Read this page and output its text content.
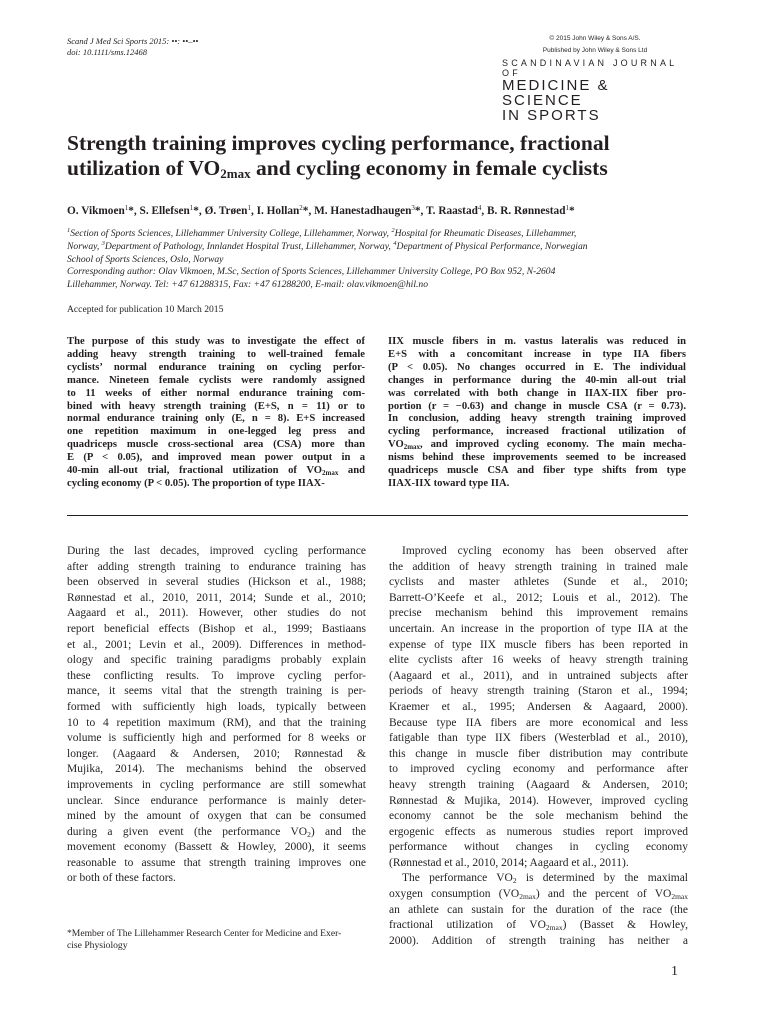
Scand J Med Sci Sports 2015: ••: ••–••
doi: 10.1111/sms.12468
© 2015 John Wiley & Sons A/S.
Published by John Wiley & Sons Ltd
SCANDINAVIAN JOURNAL OF
MEDICINE & SCIENCE
IN SPORTS
Strength training improves cycling performance, fractional
utilization of $VO_{2max}$ and cycling economy in female cyclists
O. Vikmoen$^1$*, S. Ellefsen$^1$*, Ø. Trøen$^1$, I. Hollan$^2$*, M. Hanestadhaugen$^3$*, T. Raastad$^4$, B. R. Rønnestad$^1$*
$^1$Section of Sports Sciences, Lillehammer University College, Lillehammer, Norway, $^2$Hospital for Rheumatic Diseases, Lillehammer,
Norway, $^3$Department of Pathology, Innlandet Hospital Trust, Lillehammer, Norway, $^4$Department of Physical Performance, Norwegian
School of Sports Sciences, Oslo, Norway
Corresponding author: Olav Vikmoen, M.Sc, Section of Sports Sciences, Lillehammer University College, PO Box 952, N-2604
Lillehammer, Norway. Tel: +47 61288315, Fax: +47 61288200, E-mail: olav.vikmoen@hil.no
Accepted for publication 10 March 2015
The purpose of this study was to investigate the effect of
adding heavy strength training to well-trained female
cyclists’ normal endurance training on cycling perfor-
mance. Nineteen female cyclists were randomly assigned
to 11 weeks of either normal endurance training com-
bined with heavy strength training (E+S, n = 11) or to
normal endurance training only (E, n = 8). E+S increased
one repetition maximum in one-legged leg press and
quadriceps muscle cross-sectional area (CSA) more than
E (P < 0.05), and improved mean power output in a
40-min all-out trial, fractional utilization of $VO_{2max}$ and
cycling economy (P < 0.05). The proportion of type IIAX-
IIX muscle fibers in m. vastus lateralis was reduced in
E+S with a concomitant increase in type IIA fibers
(P < 0.05). No changes occurred in E. The individual
changes in performance during the 40-min all-out trial
was correlated with both change in IIAX-IIX fiber pro-
portion (r = −0.63) and change in muscle CSA (r = 0.73).
In conclusion, adding heavy strength training improved
cycling performance, increased fractional utilization of
$VO_{2max}$, and improved cycling economy. The main mecha-
nisms behind these improvements seemed to be increased
quadriceps muscle CSA and fiber type shifts from type
IIAX-IIX toward type IIA.
During the last decades, improved cycling performance
after adding strength training to endurance training has
been observed in several studies (Hickson et al., 1988;
Rønnestad et al., 2010, 2011, 2014; Sunde et al., 2010;
Aagaard et al., 2011). However, other studies do not
report beneficial effects (Bishop et al., 1999; Bastiaans
et al., 2001; Levin et al., 2009). Differences in method-
ology and specific training paradigms probably explain
these conflicting results. To improve cycling perfor-
mance, it seems vital that the strength training is per-
formed with sufficiently high loads, typically between
10 to 4 repetition maximum (RM), and that the training
volume is sufficiently high and performed for 8 weeks or
longer. (Aagaard & Andersen, 2010; Rønnestad &
Mujika, 2014). The mechanisms behind the observed
improvements in cycling performance are still somewhat
unclear. Since endurance performance is mainly deter-
mined by the amount of oxygen that can be consumed
during a given event (the performance $VO_2$) and the
movement economy (Bassett & Howley, 2000), it seems
reasonable to assume that strength training improves one
or both of these factors.
Improved cycling economy has been observed after
the addition of heavy strength training in trained male
cyclists and master athletes (Sunde et al., 2010;
Barrett-O’Keefe et al., 2012; Louis et al., 2012). The
precise mechanism behind this improvement remains
uncertain. An increase in the proportion of type IIA at the
expense of type IIX muscle fibers has been reported in
elite cyclists after 16 weeks of heavy strength training
(Aagaard et al., 2011), and in untrained subjects after
periods of heavy strength training (Staron et al., 1994;
Kraemer et al., 1995; Andersen & Aagaard, 2000).
Because type IIA fibers are more economical and less
fatigable than type IIX fibers (Westerblad et al., 2010),
this change in muscle fiber distribution may contribute
to improved cycling economy and performance after
heavy strength training (Aagaard & Andersen, 2010;
Rønnestad & Mujika, 2014). However, improved cycling
economy cannot be the sole mechanism behind the
ergogenic effects as numerous studies report improved
performance without changes in cycling economy
(Rønnestad et al., 2010, 2014; Aagaard et al., 2011).
The performance $VO_2$ is determined by the maximal
oxygen consumption $(VO_{2max})$ and the percent of $VO_{2max}$
an athlete can sustain for the duration of the race (the
fractional utilization of $VO_{2max}$) (Basset & Howley,
2000). Addition of strength training has neither a
*Member of The Lillehammer Research Center for Medicine and Exer-
cise Physiology
1
